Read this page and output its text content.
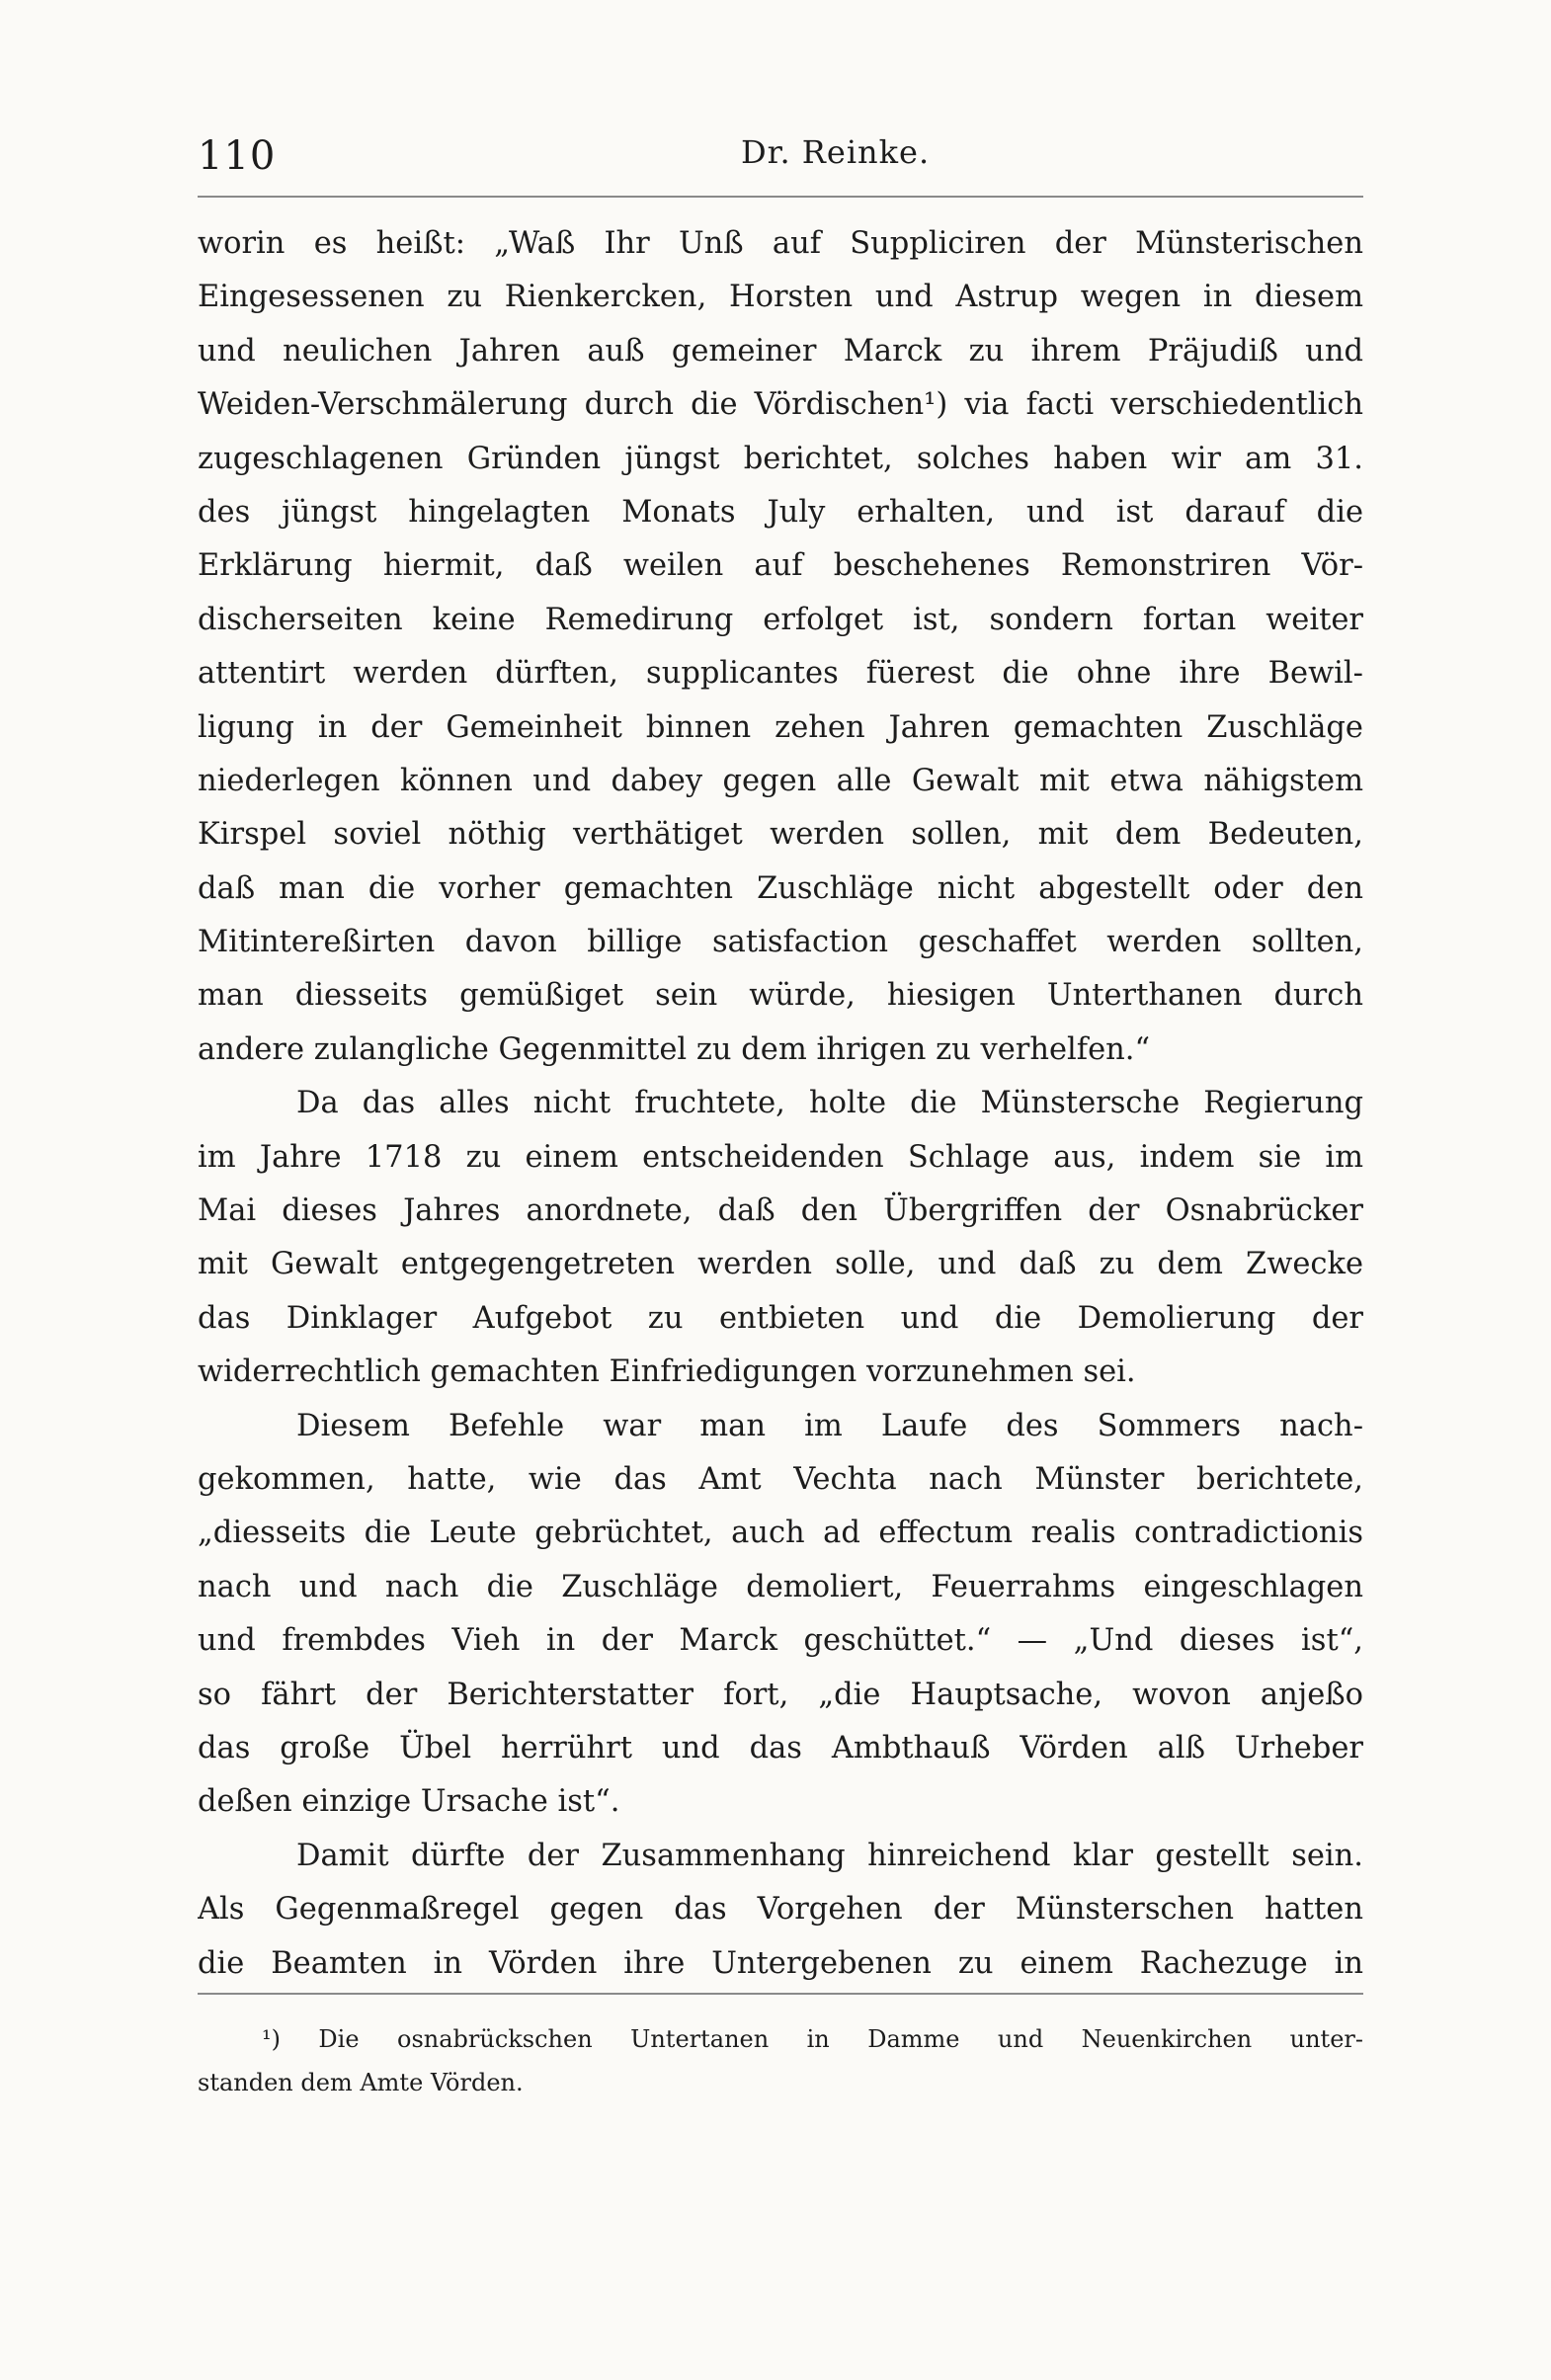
110	Dr. Reinke.
worin es heißt: „Waß Ihr Unß auf Suppliciren der Münsterischen
Eingesessenen zu Rienkercken, Horsten und Astrup wegen in diesem
und neulichen Jahren auß gemeiner Marck zu ihrem Präjudiß und
Weiden-Verschmälerung durch die Vördischen¹) via facti verschiedentlich
zugeschlagenen Gründen jüngst berichtet, solches haben wir am 31.
des jüngst hingelagten Monats July erhalten, und ist darauf die
Erklärung hiermit, daß weilen auf beschehenes Remonstriren Vör-
discherseiten keine Remedirung erfolget ist, sondern fortan weiter
attentirt werden dürften, supplicantes füerest die ohne ihre Bewil-
ligung in der Gemeinheit binnen zehen Jahren gemachten Zuschläge
niederlegen können und dabey gegen alle Gewalt mit etwa nähigstem
Kirspel soviel nöthig verthätiget werden sollen, mit dem Bedeuten,
daß man die vorher gemachten Zuschläge nicht abgestellt oder den
Mitintereßirten davon billige satisfaction geschaffet werden sollten,
man diesseits gemüßiget sein würde, hiesigen Unterthanen durch
andere zulangliche Gegenmittel zu dem ihrigen zu verhelfen.“
Da das alles nicht fruchtete, holte die Münstersche Regierung
im Jahre 1718 zu einem entscheidenden Schlage aus, indem sie im
Mai dieses Jahres anordnete, daß den Übergriffen der Osnabrücker
mit Gewalt entgegengetreten werden solle, und daß zu dem Zwecke
das Dinklager Aufgebot zu entbieten und die Demolierung der
widerrechtlich gemachten Einfriedigungen vorzunehmen sei.
Diesem Befehle war man im Laufe des Sommers nach-
gekommen, hatte, wie das Amt Vechta nach Münster berichtete,
„diesseits die Leute gebrüchtet, auch ad effectum realis contradictionis
nach und nach die Zuschläge demoliert, Feuerrahms eingeschlagen
und frembdes Vieh in der Marck geschüttet.“ — „Und dieses ist“,
so fährt der Berichterstatter fort, „die Hauptsache, wovon anjeßo
das große Übel herrührt und das Ambthauß Vörden alß Urheber
deßen einzige Ursache ist“.
Damit dürfte der Zusammenhang hinreichend klar gestellt sein.
Als Gegenmaßregel gegen das Vorgehen der Münsterschen hatten
die Beamten in Vörden ihre Untergebenen zu einem Rachezuge in
¹) Die osnabrückschen Untertanen in Damme und Neuenkirchen unter-
standen dem Amte Vörden.
